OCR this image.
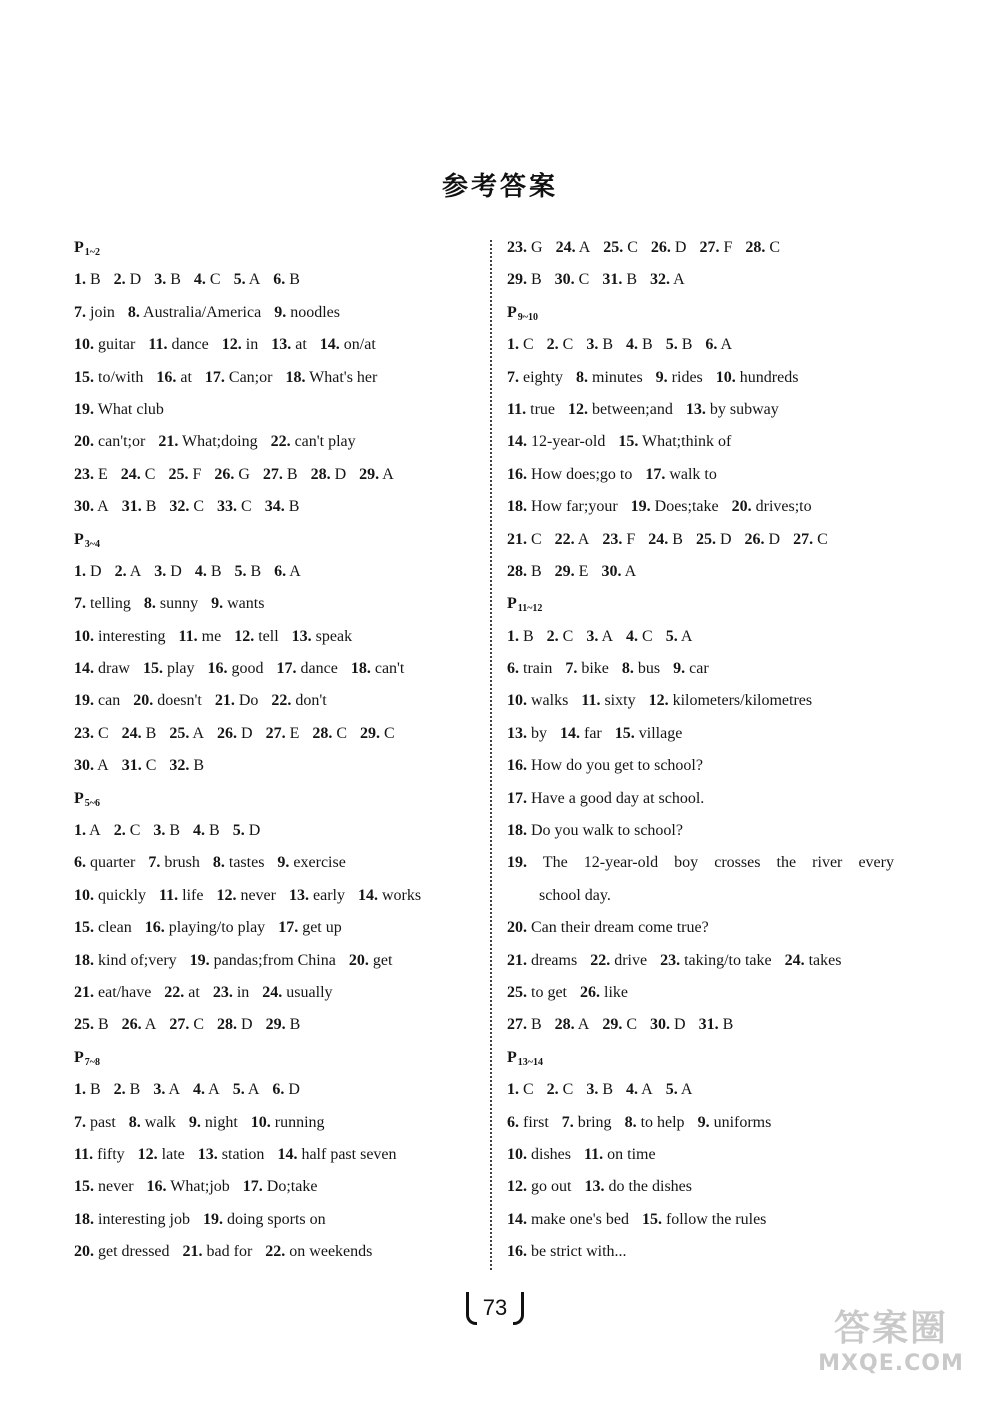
参考答案
$P_{1\sim 2}$
1. B 2. D 3. B 4. C 5. A 6. B
7. join 8. Australia/America 9. noodles
10. guitar 11. dance 12. in 13. at 14. on/at
15. to/with 16. at 17. Can;or 18. What's her
19. What club
20. can't;or 21. What;doing 22. can't play
23. E 24. C 25. F 26. G 27. B 28. D 29. A
30. A 31. B 32. C 33. C 34. B
$P_{3\sim 4}$
1. D 2. A 3. D 4. B 5. B 6. A
7. telling 8. sunny 9. wants
10. interesting 11. me 12. tell 13. speak
14. draw 15. play 16. good 17. dance 18. can't
19. can 20. doesn't 21. Do 22. don't
23. C 24. B 25. A 26. D 27. E 28. C 29. C
30. A 31. C 32. B
$P_{5\sim 6}$
1. A 2. C 3. B 4. B 5. D
6. quarter 7. brush 8. tastes 9. exercise
10. quickly 11. life 12. never 13. early 14. works
15. clean 16. playing/to play 17. get up
18. kind of;very 19. pandas;from China 20. get
21. eat/have 22. at 23. in 24. usually
25. B 26. A 27. C 28. D 29. B
$P_{7\sim 8}$
1. B 2. B 3. A 4. A 5. A 6. D
7. past 8. walk 9. night 10. running
11. fifty 12. late 13. station 14. half past seven
15. never 16. What;job 17. Do;take
18. interesting job 19. doing sports on
20. get dressed 21. bad for 22. on weekends
23. G 24. A 25. C 26. D 27. F 28. C
29. B 30. C 31. B 32. A
$P_{9\sim 10}$
1. C 2. C 3. B 4. B 5. B 6. A
7. eighty 8. minutes 9. rides 10. hundreds
11. true 12. between;and 13. by subway
14. 12-year-old 15. What;think of
16. How does;go to 17. walk to
18. How far;your 19. Does;take 20. drives;to
21. C 22. A 23. F 24. B 25. D 26. D 27. C
28. B 29. E 30. A
$P_{11\sim 12}$
1. B 2. C 3. A 4. C 5. A
6. train 7. bike 8. bus 9. car
10. walks 11. sixty 12. kilometers/kilometres
13. by 14. far 15. village
16. How do you get to school?
17. Have a good day at school.
18. Do you walk to school?
19. The 12-year-old boy crosses the river every
school day.
20. Can their dream come true?
21. dreams 22. drive 23. taking/to take 24. takes
25. to get 26. like
27. B 28. A 29. C 30. D 31. B
$P_{13\sim 14}$
1. C 2. C 3. B 4. A 5. A
6. first 7. bring 8. to help 9. uniforms
10. dishes 11. on time
12. go out 13. do the dishes
14. make one's bed 15. follow the rules
16. be strict with...
73
答案圈
MXQE.COM
